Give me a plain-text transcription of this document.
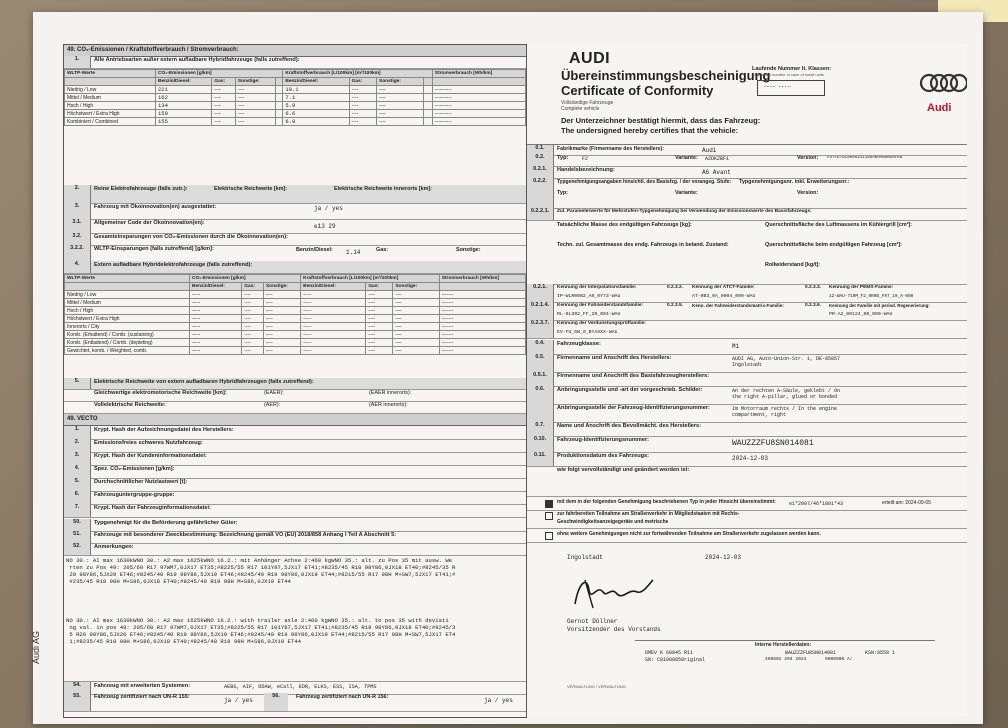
Audi AG
49. CO₂-Emissionen / Kraftstoffverbrauch / Stromverbrauch:
1.	Alle Antriebsarten außer extern aufladbare Hybridfahrzeuge (falls zutreffend):
WLTP-Werte	CO₂-Emissionen [g/km]				Kraftstoffverbrauch [L/100km] [m³/100km]				Stromverbrauch [Wh/km]
	Benzin/Diesel:	Gas:	Sonstige:		Benzin/Diesel:	Gas:	Sonstige:		
Niedrig / Low	221	----	----		10.1	----	----		----------
Mittel / Medium	162	----	----		7.1	----	----		----------
Hoch / High	134	----	----		5.9	----	----		----------
Höchstwert / Extra High	150	----	----		6.6	----	----		----------
Kombiniert / Combined	155	----	----		6.9	----	----		----------
2.	Reine Elektrofahrzeuge (falls zutr.):	Elektrische Reichweite [km]:	Elektrische Reichweite innerorts [km]:
3.	Fahrzeug mit Ökoinnovation(en) ausgestattet:	ja / yes
3.1.	Allgemeiner Code der Ökoinnovation(en):	e13 29
3.2.	Gesamteinsparungen von CO₂-Emissionen durch die Ökoinnovation(en):
3.2.2.	WLTP-Einsparungen (falls zutreffend) [g/km]:	Benzin/Diesel: 1.14	Gas:	Sonstige:
4.	Extern aufladbare Hybridelektrofahrzeuge (falls zutreffend):
WLTP-Werte	CO₂-Emissionen [g/km]			Kraftstoffverbrauch [L/100km] [m³/100km]			Stromverbrauch [Wh/km]
	Benzin/Diesel:	Gas:	Sonstige:	Benzin/Diesel:	Gas:	Sonstige:	
Niedrig / Low	-----	----	----	-----	----	----	-------
Mittel / Medium	-----	----	----	-----	----	----	-------
Hoch / High	-----	----	----	-----	----	----	-------
Höchstwert / Extra High	-----	----	----	-----	----	----	-------
Innerorts / City	-----	----	----	-----	----	----	-------
Komb. (Erhaltend) / Comb. (sustaining)	-----	----	----	-----	----	----	-------
Komb. (Entladend) / Comb. (depleting)	-----	----	----	-----	----	----	-------
Gewichtet, komb. / Weighted, comb.	-----	----	----	-----	----	----	-------
5.	Elektrische Reichweite von extern aufladbaren Hybridfahrzeugen (falls zutreffend):
Gleichwertige elektromotorische Reichweite [km]:	(EAER):	(EAER innerorts):
Vollelektrische Reichweite:	(AER):	(AER innerorts):
49. VECTO
1.	Krypt. Hash der Aufzeichnungsdatei des Herstellers:
2.	Emissionsfreies schweres Nutzfahrzeug:
3.	Krypt. Hash der Kundeninformationsdatei:
4.	Spez. CO₂-Emissionen [g/km]:
5.	Durchschnittlicher Nutzlastwert [t]:
6.	Fahrzeuguntergruppe-gruppe:
7.	Krypt. Hash der Fahrzeuginformationsdatei:
50.	Typgenehmigt für die Beförderung gefährlicher Güter:
51.	Fahrzeuge mit besonderer Zweckbestimmung: Bezeichnung gemäß VO (EU) 2018/858 Anhang I Teil A Abschnitt 5:
52.	Anmerkungen:
NO 30.: AI max 1630kWNO 30.: A2 max 1625kWNO 16.2.: mit Anhänger Achse 2:460 kgWNO 35.: alt. zu Pos 35 mit ausw. We
rten zu Pos 49: 205/60 R17 97WM7,0JX17 ET35;#8225/55 R17 101Y87,5JX17 ET41;#8235/45 R18 98Y86,0JX18 ET40;#8245/35 R
20 98Y86,5JX20 ET46;#8245/40 R19 98Y86,5JX19 ET46;#8245/40 R19 98Y86,0JX19 ET44;#8215/55 R17 98H M+SW7,5JX17 ET41;#
#235/45 R18 98H M+S86,0JX18 ET40;#8245/40 R19 98H M+S86,0JX19 ET44
NO 30.: AI max 1630kWNO 30.: A2 max 1625kWNO 16.2.: with trailer axle 2:460 kgWNO 35.: alt. to pos 35 with deviati
ng val. in pos 49: 205/60 R17 97WM7,0JX17 ET35;#8225/55 R17 101Y87,5JX17 ET41;#8235/45 R18 98Y86,0JX18 ET40;#8245/3
5 R20 98Y86,5JX20 ET46;#8245/40 R19 98Y86,5JX19 ET46;#8245/40 R19 98Y86,0JX19 ET44;#8215/55 R17 98H M+SW7,5JX17 ET4
1;#8235/45 R18 98H M+S86,0JX18 ET40;#8245/40 R19 98H M+S86,0JX19 ET44
54.	Fahrzeug mit erweiterten Systemen:	AEBS, AIF, DDAW, eCall, EDR, ELKS, ESS, ISA, TPMS
55.	Fahrzeug zertifiziert nach UN-R 155:	ja / yes
56.	Fahrzeug zertifiziert nach UN-R 156:	ja / yes
AUDI
Übereinstimmungsbescheinigung
Certificate of Conformity
Vollständige Fahrzeuge
Complete vehicle
Der Unterzeichner bestätigt hiermit, dass das Fahrzeug:
The undersigned hereby certifies that the vehicle:
Laufende Nummer lt. Klassen:
Sequential number in case of small units
---- ----
Audi
0.1.	Fabrikmarke (Firmenname des Herstellers):	Audi
0.2.	Typ:	F2	Variante: A2DKZBF1	Version: FD7FD7DC0056141195AKHABHNG0FEB
0.2.1.	Handelsbezeichnung:	A6 Avant
0.2.2.	Typgenehmigungsangaben hinsichtl. des Basisfzg. / der vorangeg. Stufe: Typgenehmigungsnr. inkl. Erweiterungsnr.:
Typ:	Variante:	Version:
0.2.2.1.	Zul. Parameterwerte für Mehrstufen-Typgenehmigung bei Verwendung der Emissionswerte des Basisfahrzeugs:
Tatsächliche Masse des endgültigen Fahrzeugs [kg]:
Techn. zul. Gesamtmasse des endg. Fahrzeugs in beland. Zustand:
Querschnittsfläche des Luftmassens im Kühlergrill [cm²]:
Querschnittsfläche beim endgültigen Fahrzeug [cm²]:
Rollwiderstand [kg/t]:
0.2.1.	Kennung der Interpolationsfamilie:
IP-WLR00N2_A0_0Y73-WAU
0.2.3.2. Kennung der ATCT-Familie:
AT-0B3_0A_0004_000-WAU
0.2.3.3. Kennung der PEMS-Familie:
12-WAU-710M_F2_0R0B_F07_10_A-000
0.2.1.4.	Kennung der Fahrwiderstandsfamilie:
RL-0L392_FF_20_004-WAU
0.2.3.5. Kenn. der Fahrwiderstandsmatrix-Familie:	0.2.3.6. Kennung der Familie mit period. Regenerierung:
PR-A2_00124_00_000-WAU
0.2.3.7.	Kennung der Verdunstungsprüffamilie:
EV-FU_6W_0_BYASXX-WAU
0.4.	Fahrzeugklasse:	M1
0.5.	Firmenname und Anschrift des Herstellers:	AUDI AG, Auto-Union-Str. 1, DE-85057 Ingolstadt
0.5.1.	Firmenname und Anschrift des Basisfahrzeugherstellers:
0.6.	Anbringungsstelle und -art der vorgeschrieb. Schilder:	An der rechten A-Säule, geklebt / On the right A-pillar, glued or bonded
Anbringungsstelle der Fahrzeug-Identifizierungsnummer:	Im Motorraum rechts / In the engine compartment, right
0.7.	Name und Anschrift des Bevollmächt. des Herstellers:
0.10.	Fahrzeug-Identifizierungsnummer:	WAUZZZFU8SN014081
0.11.	Produktionsdatum des Fahrzeugs:	2024-12-03
wie folgt vervollständigt und geändert worden ist:
mit dem in der folgenden Genehmigung beschriebenen Typ in jeder Hinsicht übereinstimmt:	e1*2007/46*1801*43	erteilt am: 2024-09-05
zur fahrbereiten Teilnahme am Straßenverkehr in Mitgliedstaaten mit Rechts-
Geschwindigkeitsanzeigegeräte und metrische
ohne weitere Genehmigungen nicht zur fortwährenden Teilnahme am Straßenverkehr zugelassen werden kann.
Ingolstadt	2024-12-03
Gernot Döllner
Vorsitzender des Vorstands
Interne Herstellerdaten:
DMEV K 60045 R11
SN: C81000850riginal
WAUZZZFU8SN014081	KSN:0558 1
460602 204 2024	0000000 A/
VERWALTUNG / VERWALTUNG
